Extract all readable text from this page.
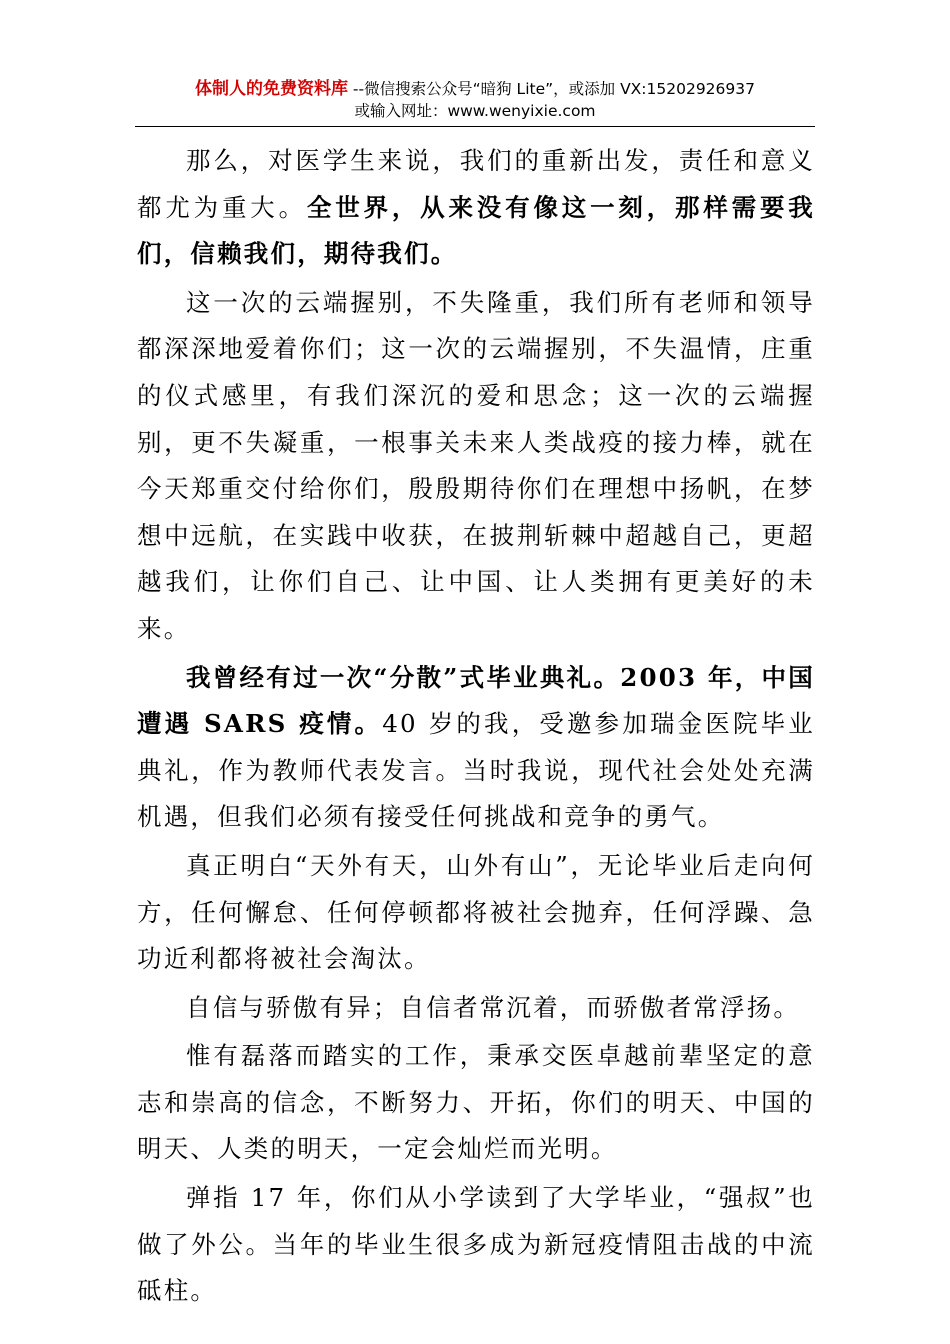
体制人的免费资料库 --微信搜索公众号“暗狗 Lite”，或添加 VX:15202926937
或输入网址：www.wenyixie.com

那么，对医学生来说，我们的重新出发，责任和意义都尤为重大。全世界，从来没有像这一刻，那样需要我们，信赖我们，期待我们。

这一次的云端握别，不失隆重，我们所有老师和领导都深深地爱着你们；这一次的云端握别，不失温情，庄重的仪式感里，有我们深沉的爱和思念；这一次的云端握别，更不失凝重，一根事关未来人类战疫的接力棒，就在今天郑重交付给你们，殷殷期待你们在理想中扬帆，在梦想中远航，在实践中收获，在披荆斩棘中超越自己，更超越我们，让你们自己、让中国、让人类拥有更美好的未来。

我曾经有过一次“分散”式毕业典礼。2003 年，中国遭遇 SARS 疫情。40 岁的我，受邀参加瑞金医院毕业典礼，作为教师代表发言。当时我说，现代社会处处充满机遇，但我们必须有接受任何挑战和竞争的勇气。

真正明白“天外有天，山外有山”，无论毕业后走向何方，任何懈怠、任何停顿都将被社会抛弃，任何浮躁、急功近利都将被社会淘汰。

自信与骄傲有异；自信者常沉着，而骄傲者常浮扬。

惟有磊落而踏实的工作，秉承交医卓越前辈坚定的意志和崇高的信念，不断努力、开拓，你们的明天、中国的明天、人类的明天，一定会灿烂而光明。

弹指 17 年，你们从小学读到了大学毕业，“强叔”也做了外公。当年的毕业生很多成为新冠疫情阻击战的中流砥柱。
